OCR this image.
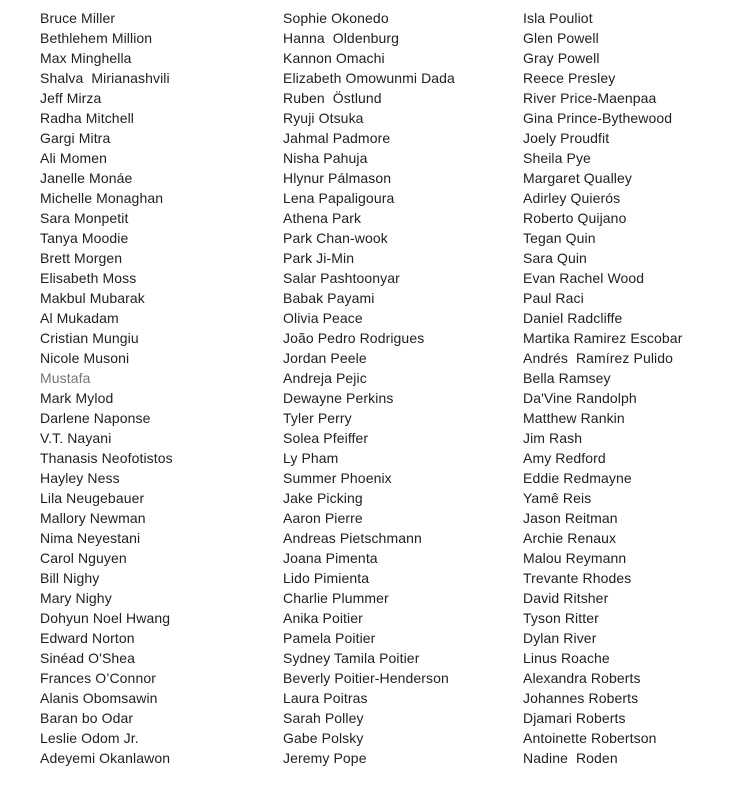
Bruce Miller
Bethlehem Million
Max Minghella
Shalva  Mirianashvili
Jeff Mirza
Radha Mitchell
Gargi Mitra
Ali Momen
Janelle Monáe
Michelle Monaghan
Sara Monpetit
Tanya Moodie
Brett Morgen
Elisabeth Moss
Makbul Mubarak
Al Mukadam
Cristian Mungiu
Nicole Musoni
Mustafa
Mark Mylod
Darlene Naponse
V.T. Nayani
Thanasis Neofotistos
Hayley Ness
Lila Neugebauer
Mallory Newman
Nima Neyestani
Carol Nguyen
Bill Nighy
Mary Nighy
Dohyun Noel Hwang
Edward Norton
Sinéad O'Shea
Frances O’Connor
Alanis Obomsawin
Baran bo Odar
Leslie Odom Jr.
Adeyemi Okanlawon
Sophie Okonedo
Hanna  Oldenburg
Kannon Omachi
Elizabeth Omowunmi Dada
Ruben  Östlund
Ryuji Otsuka
Jahmal Padmore
Nisha Pahuja
Hlynur Pálmason
Lena Papaligoura
Athena Park
Park Chan-wook
Park Ji-Min
Salar Pashtoonyar
Babak Payami
Olivia Peace
João Pedro Rodrigues
Jordan Peele
Andreja Pejic
Dewayne Perkins
Tyler Perry
Solea Pfeiffer
Ly Pham
Summer Phoenix
Jake Picking
Aaron Pierre
Andreas Pietschmann
Joana Pimenta
Lido Pimienta
Charlie Plummer
Anika Poitier
Pamela Poitier
Sydney Tamila Poitier
Beverly Poitier-Henderson
Laura Poitras
Sarah Polley
Gabe Polsky
Jeremy Pope
Isla Pouliot
Glen Powell
Gray Powell
Reece Presley
River Price-Maenpaa
Gina Prince-Bythewood
Joely Proudfit
Sheila Pye
Margaret Qualley
Adirley Quierós
Roberto Quijano
Tegan Quin
Sara Quin
Evan Rachel Wood
Paul Raci
Daniel Radcliffe
Martika Ramirez Escobar
Andrés  Ramírez Pulido
Bella Ramsey
Da'Vine Randolph
Matthew Rankin
Jim Rash
Amy Redford
Eddie Redmayne
Yamê Reis
Jason Reitman
Archie Renaux
Malou Reymann
Trevante Rhodes
David Ritsher
Tyson Ritter
Dylan River
Linus Roache
Alexandra Roberts
Johannes Roberts
Djamari Roberts
Antoinette Robertson
Nadine  Roden
